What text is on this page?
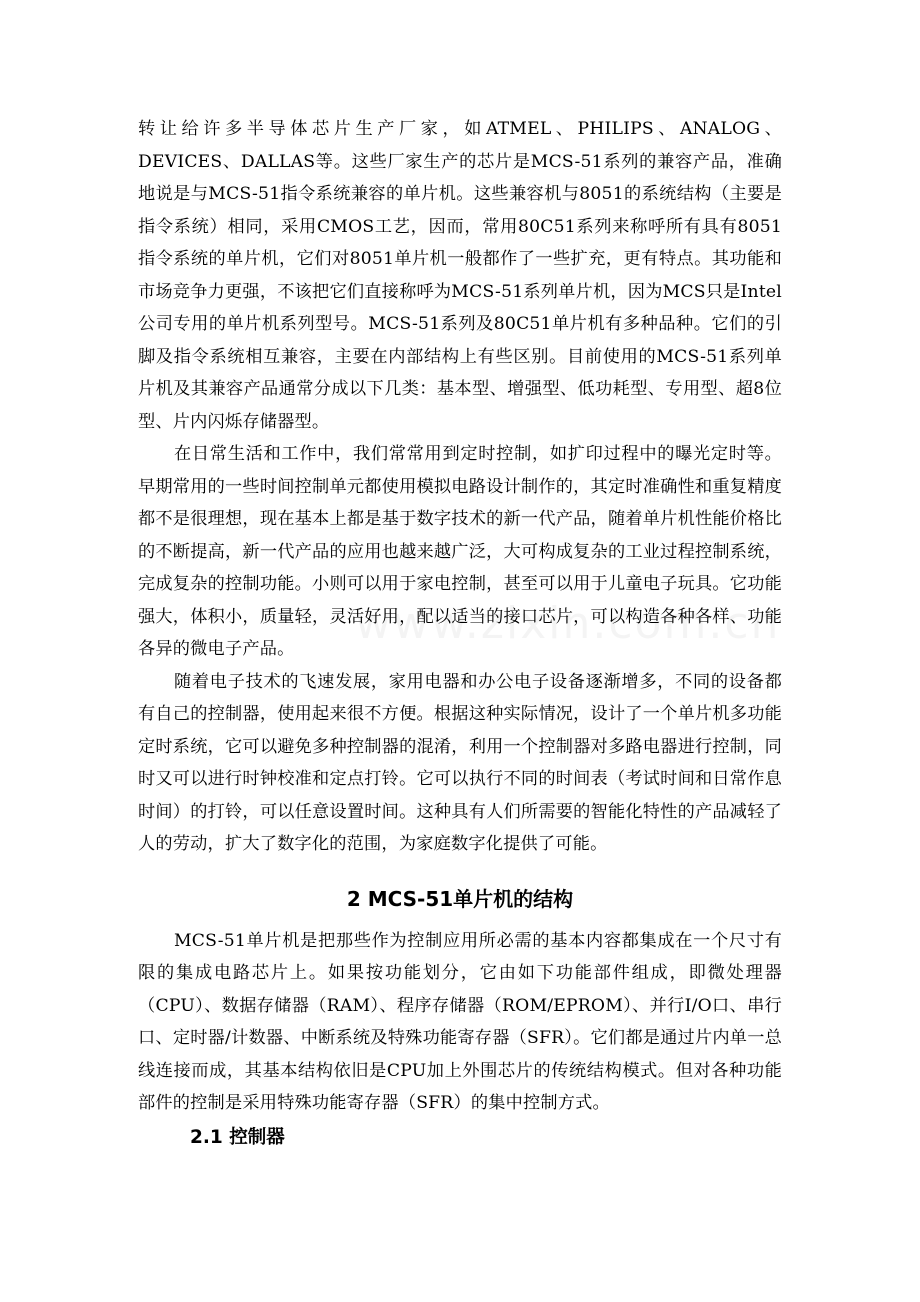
转让给许多半导体芯片生产厂家，如ATMEL、PHILIPS、ANALOG、DEVICES、DALLAS等。这些厂家生产的芯片是MCS-51系列的兼容产品，准确地说是与MCS-51指令系统兼容的单片机。这些兼容机与8051的系统结构（主要是指令系统）相同，采用CMOS工艺，因而，常用80C51系列来称呼所有具有8051指令系统的单片机，它们对8051单片机一般都作了一些扩充，更有特点。其功能和市场竞争力更强，不该把它们直接称呼为MCS-51系列单片机，因为MCS只是Intel公司专用的单片机系列型号。MCS-51系列及80C51单片机有多种品种。它们的引脚及指令系统相互兼容，主要在内部结构上有些区别。目前使用的MCS-51系列单片机及其兼容产品通常分成以下几类：基本型、增强型、低功耗型、专用型、超8位型、片内闪烁存储器型。

在日常生活和工作中，我们常常用到定时控制，如扩印过程中的曝光定时等。早期常用的一些时间控制单元都使用模拟电路设计制作的，其定时准确性和重复精度都不是很理想，现在基本上都是基于数字技术的新一代产品，随着单片机性能价格比的不断提高，新一代产品的应用也越来越广泛，大可构成复杂的工业过程控制系统，完成复杂的控制功能。小则可以用于家电控制，甚至可以用于儿童电子玩具。它功能强大，体积小，质量轻，灵活好用，配以适当的接口芯片，可以构造各种各样、功能各异的微电子产品。

随着电子技术的飞速发展，家用电器和办公电子设备逐渐增多，不同的设备都有自己的控制器，使用起来很不方便。根据这种实际情况，设计了一个单片机多功能定时系统，它可以避免多种控制器的混淆，利用一个控制器对多路电器进行控制，同时又可以进行时钟校准和定点打铃。它可以执行不同的时间表（考试时间和日常作息时间）的打铃，可以任意设置时间。这种具有人们所需要的智能化特性的产品减轻了人的劳动，扩大了数字化的范围，为家庭数字化提供了可能。

2 MCS-51单片机的结构

MCS-51单片机是把那些作为控制应用所必需的基本内容都集成在一个尺寸有限的集成电路芯片上。如果按功能划分，它由如下功能部件组成，即微处理器（CPU）、数据存储器（RAM）、程序存储器（ROM/EPROM）、并行I/O口、串行口、定时器/计数器、中断系统及特殊功能寄存器（SFR）。它们都是通过片内单一总线连接而成，其基本结构依旧是CPU加上外围芯片的传统结构模式。但对各种功能部件的控制是采用特殊功能寄存器（SFR）的集中控制方式。

2.1 控制器
